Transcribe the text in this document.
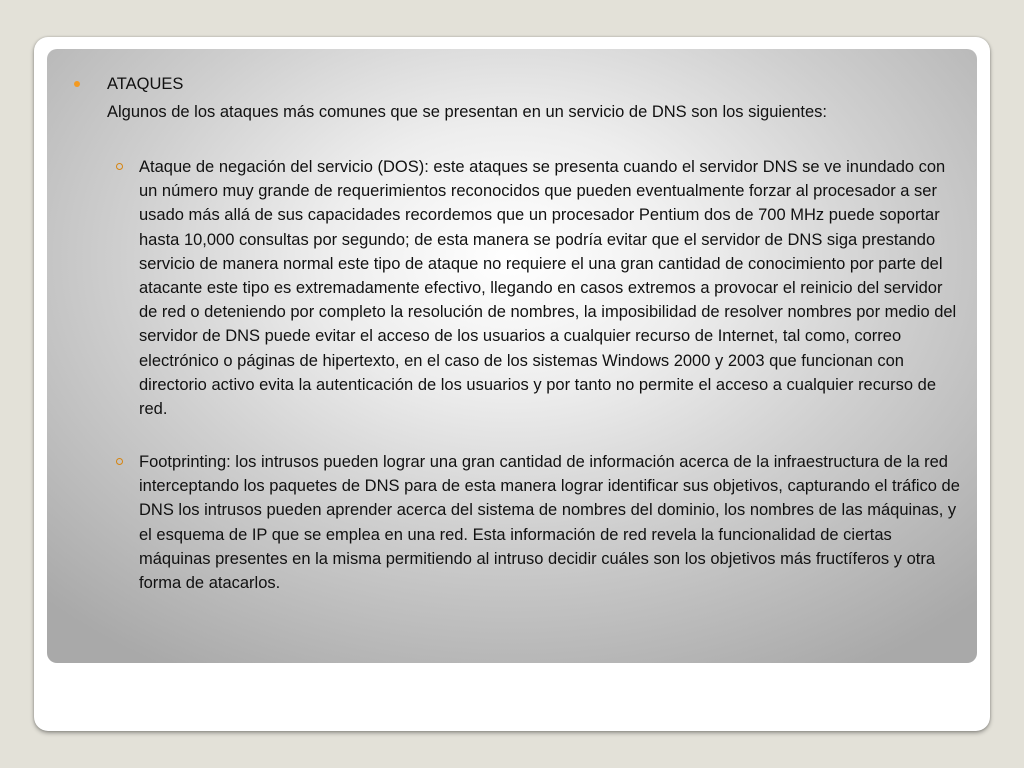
ATAQUES
Algunos de los ataques más comunes que se presentan en un servicio de DNS son los siguientes:
Ataque de negación del servicio (DOS): este ataques se presenta cuando el servidor DNS se ve inundado con un número muy grande de requerimientos reconocidos que pueden eventualmente forzar al procesador a ser usado más allá de sus capacidades recordemos que un procesador Pentium dos de 700 MHz puede soportar hasta 10,000 consultas por segundo; de esta manera se podría evitar que el servidor de DNS siga prestando servicio de manera normal este tipo de ataque no requiere el una gran cantidad de conocimiento por parte del atacante este tipo es extremadamente efectivo, llegando en casos extremos a provocar el reinicio del servidor de red o deteniendo por completo la resolución de nombres, la imposibilidad de resolver nombres por medio del servidor de DNS puede evitar el acceso de los usuarios a cualquier recurso de Internet, tal como, correo electrónico o páginas de hipertexto, en el caso de los sistemas Windows 2000 y 2003 que funcionan con directorio activo evita la autenticación de los usuarios y por tanto no permite el acceso a cualquier recurso de red.
Footprinting: los intrusos pueden lograr una gran cantidad de información acerca de la infraestructura de la red interceptando los paquetes de DNS para de esta manera lograr identificar sus objetivos, capturando el tráfico de DNS los intrusos pueden aprender acerca del sistema de nombres del dominio, los nombres de las máquinas, y el esquema de IP que se emplea en una red. Esta información de red revela la funcionalidad de ciertas máquinas presentes en la misma permitiendo al intruso decidir cuáles son los objetivos más fructíferos y otra forma de atacarlos.
